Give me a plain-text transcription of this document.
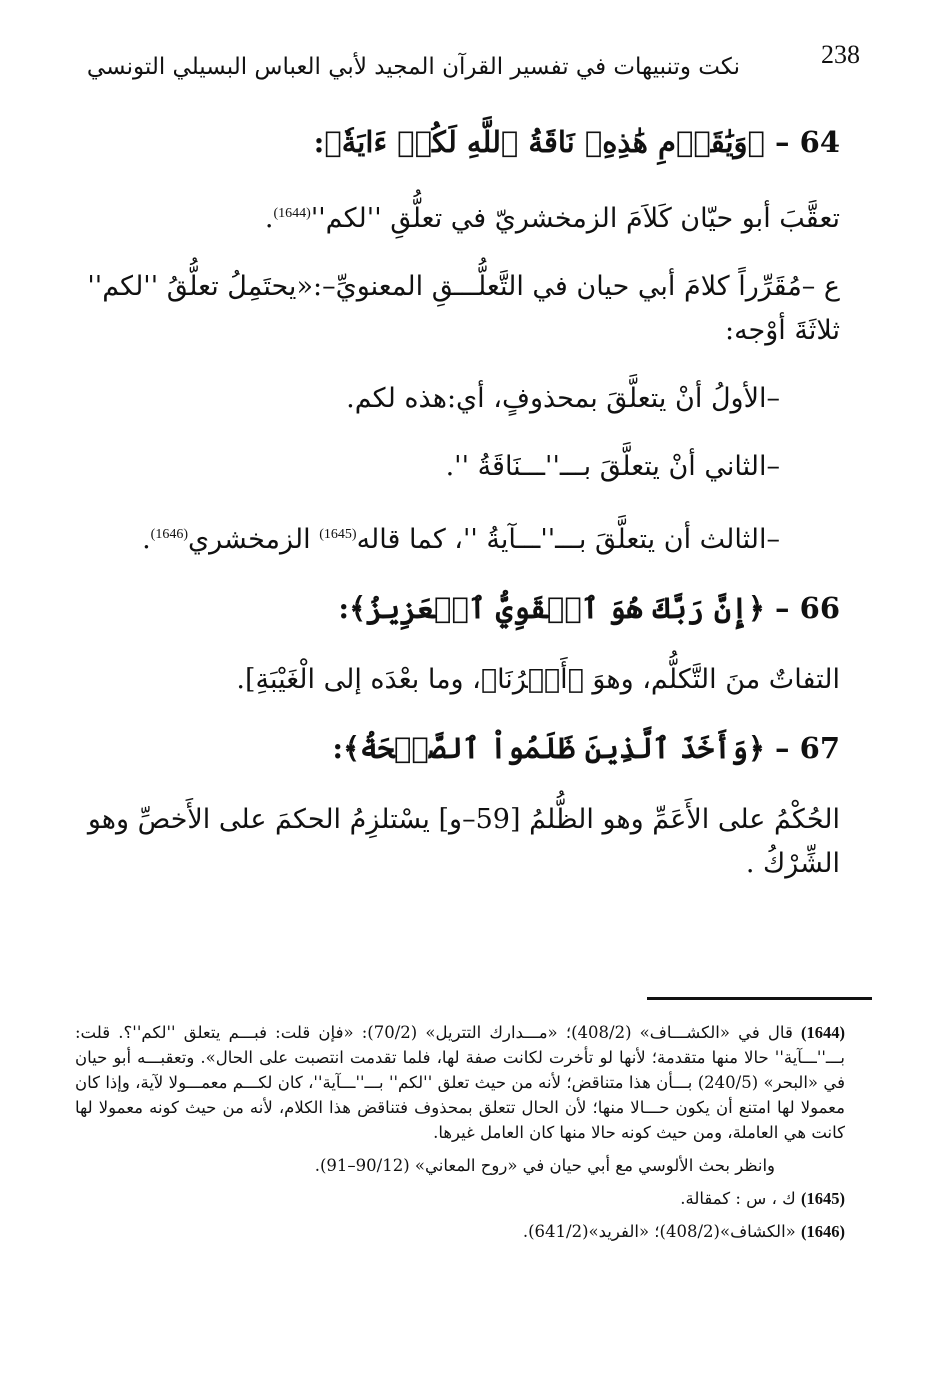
238
نكت وتنبيهات في تفسير القرآن المجيد لأبي العباس البسيلي التونسي

64 – ﴿وَيَٰقَوۡمِ هَٰذِهِۦ نَاقَةُ ٱللَّهِ لَكُمۡ ءَايَةٗ﴾:

تعقَّبَ أبو حيّان كَلاَمَ الزمخشريّ في تعلُّقِ ''$لكم''^{(1644)}$.

ع –مُقَرِّراً كلامَ أبي حيان في التَّعلُّـــقِ المعنويِّ–:«يحتَمِلُ تعلُّقُ ''لكم'' ثلاثَةَ أوْجه:

–الأولُ أنْ يتعلَّقَ بمحذوفٍ، أي:هذه لكم.

–الثاني أنْ يتعلَّقَ بـــ''ـــنَاقَةُ ''.

–الثالث أن يتعلَّقَ بـــ''ـــآيةُ ''، كما قاله$^{(1645)}$ الزمخشري$^{(1646)}$.

66 – ﴿إِنَّ رَبَّكَ هُوَ ٱلۡقَوِيُّ ٱلۡعَزِيزُ﴾:

التفاتٌ منَ التَّكلُّم، وهوَ ﴿أَمۡرُنَا﴾، وما بعْدَه إلى الْغَيْبَةِ].

67 – ﴿وَأَخَذَ ٱلَّذِينَ ظَلَمُواْ ٱلصَّيۡحَةُ﴾:

الحُكْمُ على الأَعَمِّ وهو الظُّلمُ [59–و] يسْتلزِمُ الحكمَ على الأَخصِّ وهو الشِّرْكُ .

(1644) قال في «الكشـــاف» (408/2)؛ «مـــدارك التتريل» (70/2): «فإن قلت: فبـــم يتعلق ''لكم''؟. قلت: بـــ''ـــآية'' حالا منها متقدمة؛ لأنها لو تأخرت لكانت صفة لها، فلما تقدمت انتصبت على الحال». وتعقبـــه أبو حيان في «البحر» (240/5) بـــأن هذا متناقض؛ لأنه من حيث تعلق ''لكم'' بـــ''ـــآية''، كان لكـــم معمـــولا لآية، وإذا كان معمولا لها امتنع أن يكون حـــالا منها؛ لأن الحال تتعلق بمحذوف فتناقض هذا الكلام، لأنه من حيث كونه معمولا لها كانت هي العاملة، ومن حيث كونه حالا منها كان العامل غيرها.

وانظر بحث الألوسي مع أبي حيان في «روح المعاني» (90/12–91).

(1645) ك ، س : كمقالة.

(1646) «الكشاف»(408/2)؛ «الفريد»(641/2).
